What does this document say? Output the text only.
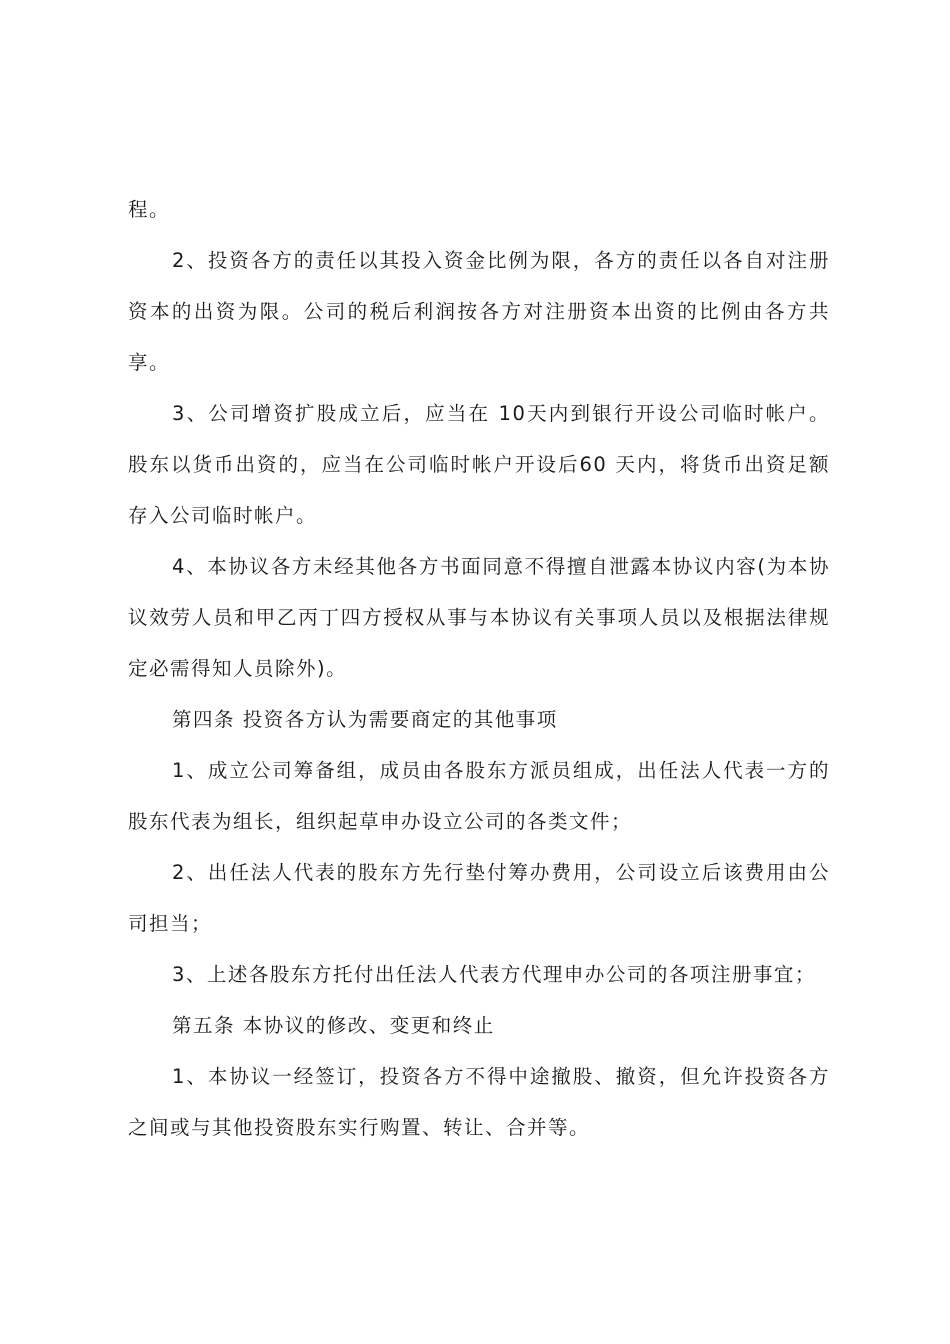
程。

2、投资各方的责任以其投入资金比例为限，各方的责任以各自对注册资本的出资为限。公司的税后利润按各方对注册资本出资的比例由各方共享。

3、公司增资扩股成立后，应当在 10天内到银行开设公司临时帐户。股东以货币出资的，应当在公司临时帐户开设后60 天内，将货币出资足额存入公司临时帐户。

4、本协议各方未经其他各方书面同意不得擅自泄露本协议内容(为本协议效劳人员和甲乙丙丁四方授权从事与本协议有关事项人员以及根据法律规定必需得知人员除外)。

第四条 投资各方认为需要商定的其他事项

1、成立公司筹备组，成员由各股东方派员组成，出任法人代表一方的股东代表为组长，组织起草申办设立公司的各类文件；

2、出任法人代表的股东方先行垫付筹办费用，公司设立后该费用由公司担当；

3、上述各股东方托付出任法人代表方代理申办公司的各项注册事宜；

第五条 本协议的修改、变更和终止

1、本协议一经签订，投资各方不得中途撤股、撤资，但允许投资各方之间或与其他投资股东实行购置、转让、合并等。
